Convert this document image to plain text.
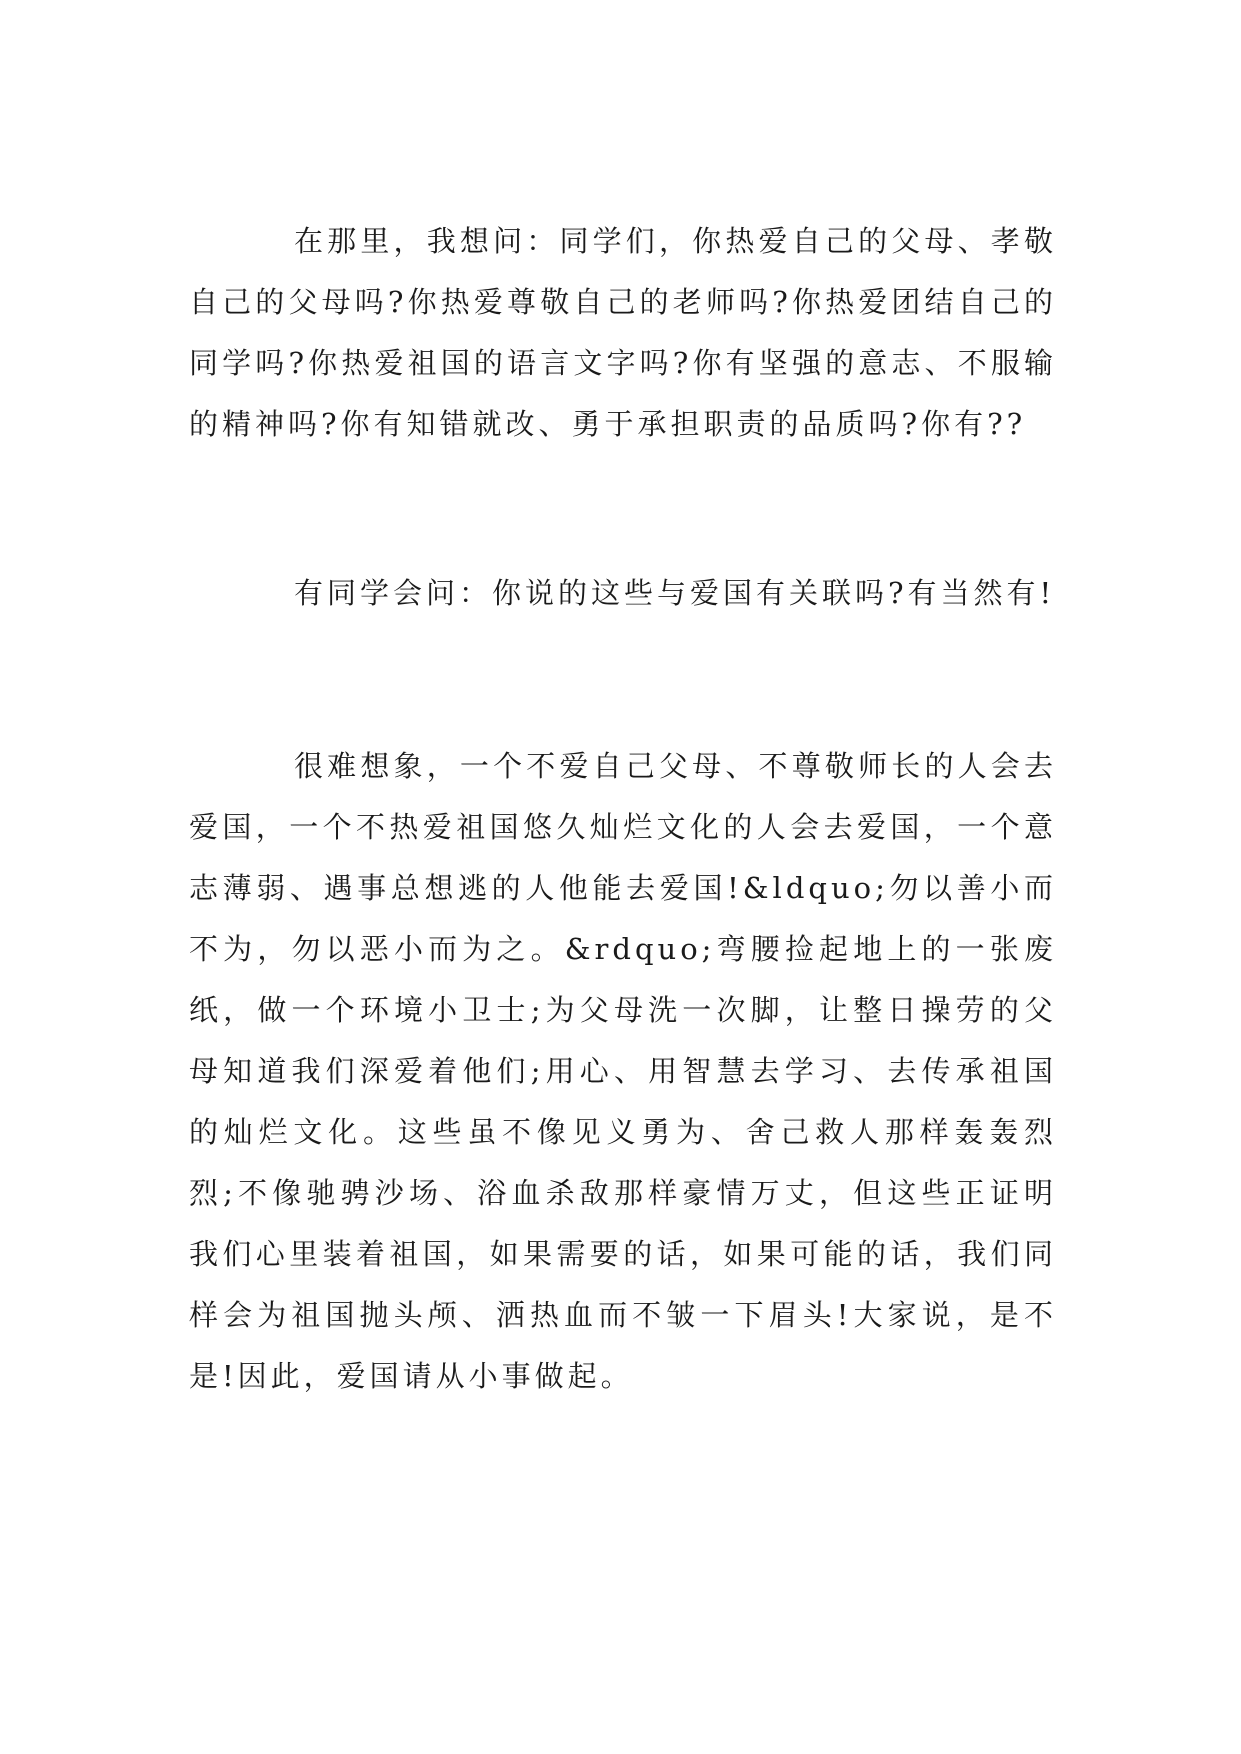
在那里，我想问：同学们，你热爱自己的父母、孝敬自己的父母吗?你热爱尊敬自己的老师吗?你热爱团结自己的同学吗?你热爱祖国的语言文字吗?你有坚强的意志、不服输的精神吗?你有知错就改、勇于承担职责的品质吗?你有??

有同学会问：你说的这些与爱国有关联吗?有当然有!

很难想象，一个不爱自己父母、不尊敬师长的人会去爱国，一个不热爱祖国悠久灿烂文化的人会去爱国，一个意志薄弱、遇事总想逃的人他能去爱国!&ldquo;勿以善小而不为，勿以恶小而为之。&rdquo;弯腰捡起地上的一张废纸，做一个环境小卫士;为父母洗一次脚，让整日操劳的父母知道我们深爱着他们;用心、用智慧去学习、去传承祖国的灿烂文化。这些虽不像见义勇为、舍己救人那样轰轰烈烈;不像驰骋沙场、浴血杀敌那样豪情万丈，但这些正证明我们心里装着祖国，如果需要的话，如果可能的话，我们同样会为祖国抛头颅、洒热血而不皱一下眉头!大家说，是不是!因此，爱国请从小事做起。
